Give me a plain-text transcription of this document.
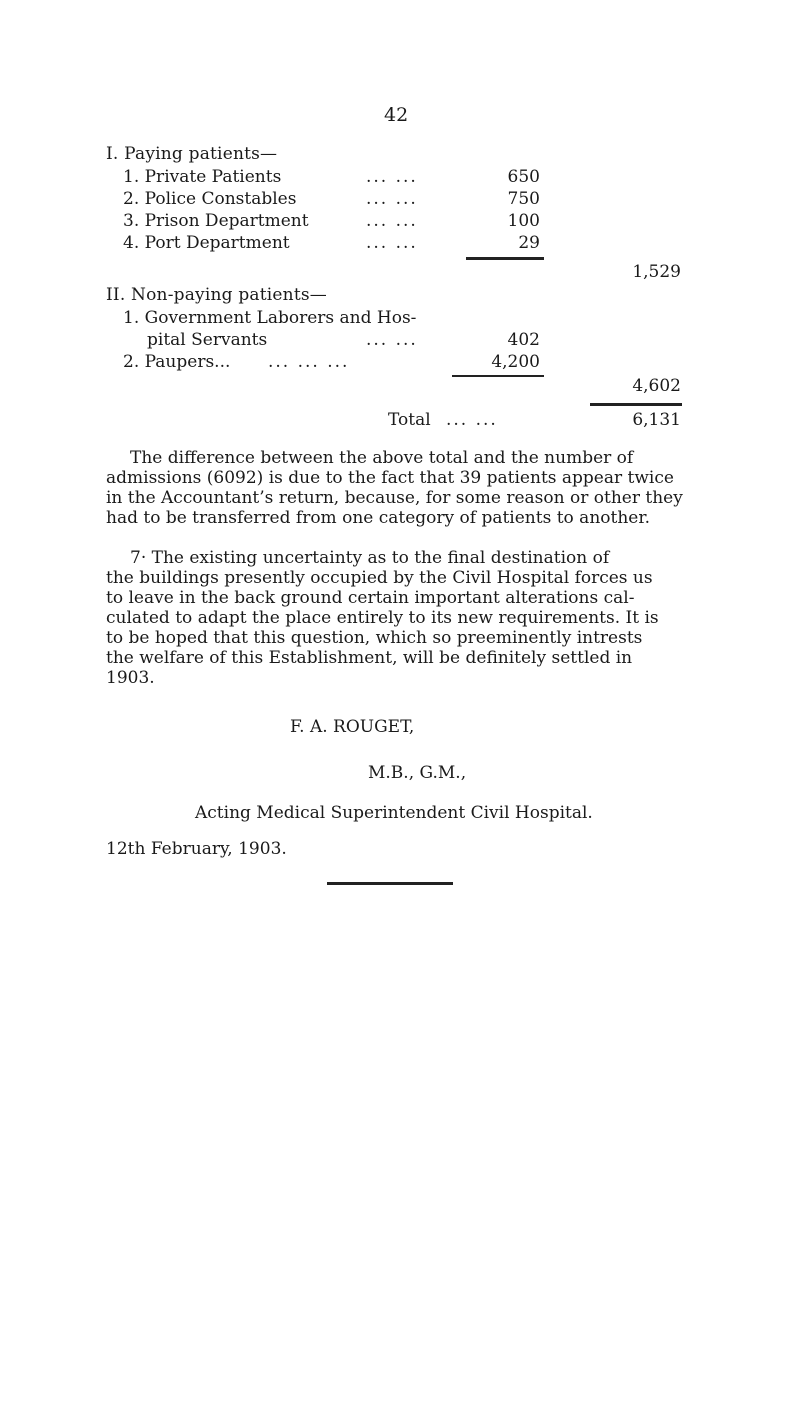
42
I. Paying patients—
1. Private Patients	... ...	650
2. Police Constables	... ...	750
3. Prison Department	... ...	100
4. Port Department	... ...	29
1,529
II. Non-paying patients—
1. Government Laborers and Hos-
pital Servants	... ...	402
2. Paupers... ... ... ...	4,200
4,602
Total ... ...	6,131
The difference between the above total and the number of
admissions (6092) is due to the fact that 39 patients appear twice
in the Accountant’s return, because, for some reason or other they
had to be transferred from one category of patients to another.
7· The existing uncertainty as to the final destination of
the buildings presently occupied by the Civil Hospital forces us
to leave in the back ground certain important alterations cal-
culated to adapt the place entirely to its new requirements. It is
to be hoped that this question, which so preeminently intrests
the welfare of this Establishment, will be definitely settled in
1903.
F. A. ROUGET,
M.B., G.M.,
Acting Medical Superintendent Civil Hospital.
12th February, 1903.
